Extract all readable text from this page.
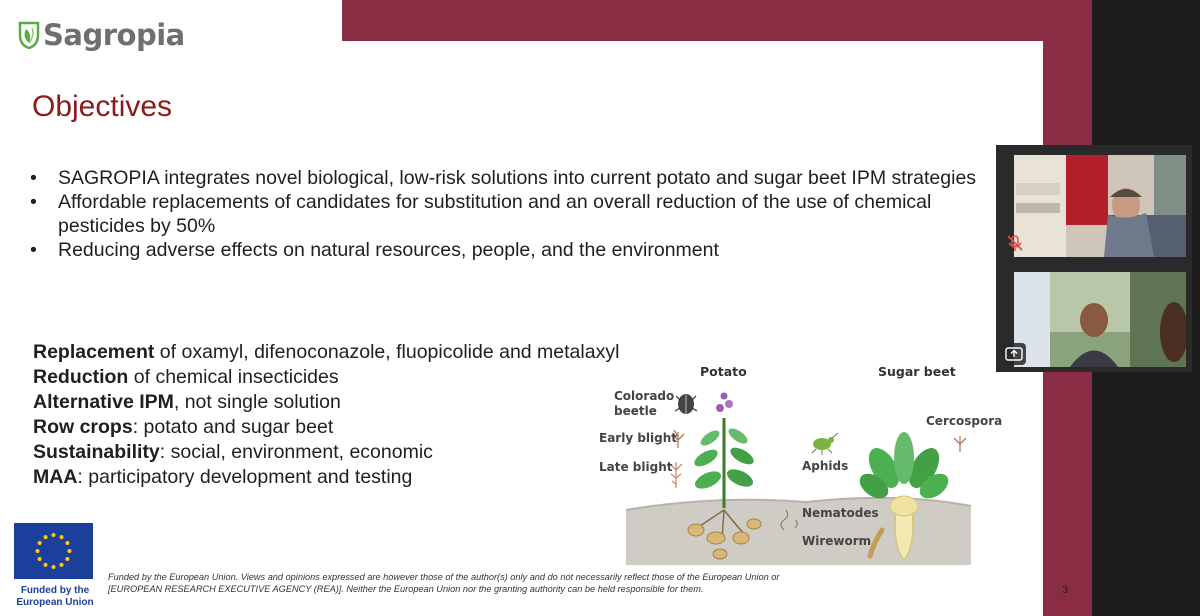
Sagropia
Objectives
• SAGROPIA integrates novel biological, low-risk solutions into current potato and sugar beet IPM strategies
• Affordable replacements of candidates for substitution and an overall reduction of the use of chemical pesticides by 50%
• Reducing adverse effects on natural resources, people, and the environment
Replacement of oxamyl, difenoconazole, fluopicolide and metalaxyl
Reduction of chemical insecticides
Alternative IPM, not single solution
Row crops: potato and sugar beet
Sustainability: social, environment, economic
MAA: participatory development and testing
Potato	Sugar beet
Colorado
beetle
Early blight
Late blight	Aphids
Cercospora
Nematodes
Wireworm
Funded by the
European Union
Funded by the European Union. Views and opinions expressed are however those of the author(s) only and do not necessarily reflect those of the European Union or
[EUROPEAN RESEARCH EXECUTIVE AGENCY (REA)]. Neither the European Union nor the granting authority can be held responsible for them.	3
